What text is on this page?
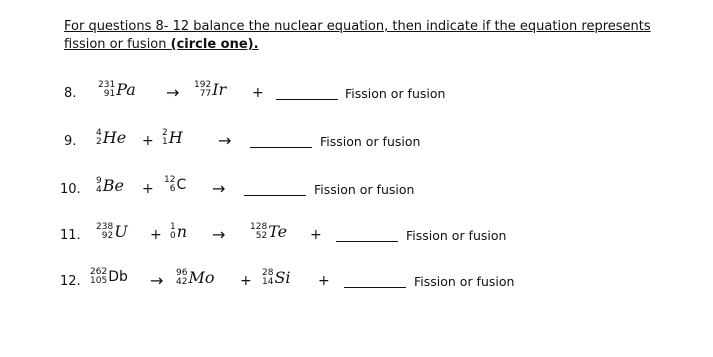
For questions 8- 12 balance the nuclear equation, then indicate if the equation represents
fission or fusion (circle one).
8.
231
91 Pa → 192
77 Ir +	Fission or fusion
9.
4
2 He +
2
1 H →	Fission or fusion
10.
9
4 Be +
12
6 C →	Fission or fusion
11.
238
92 U +
1
0 n →	128
52 Te +	Fission or fusion
12.
262
105 Db → 96
42 Mo +
28
14 Si +	Fission or fusion
